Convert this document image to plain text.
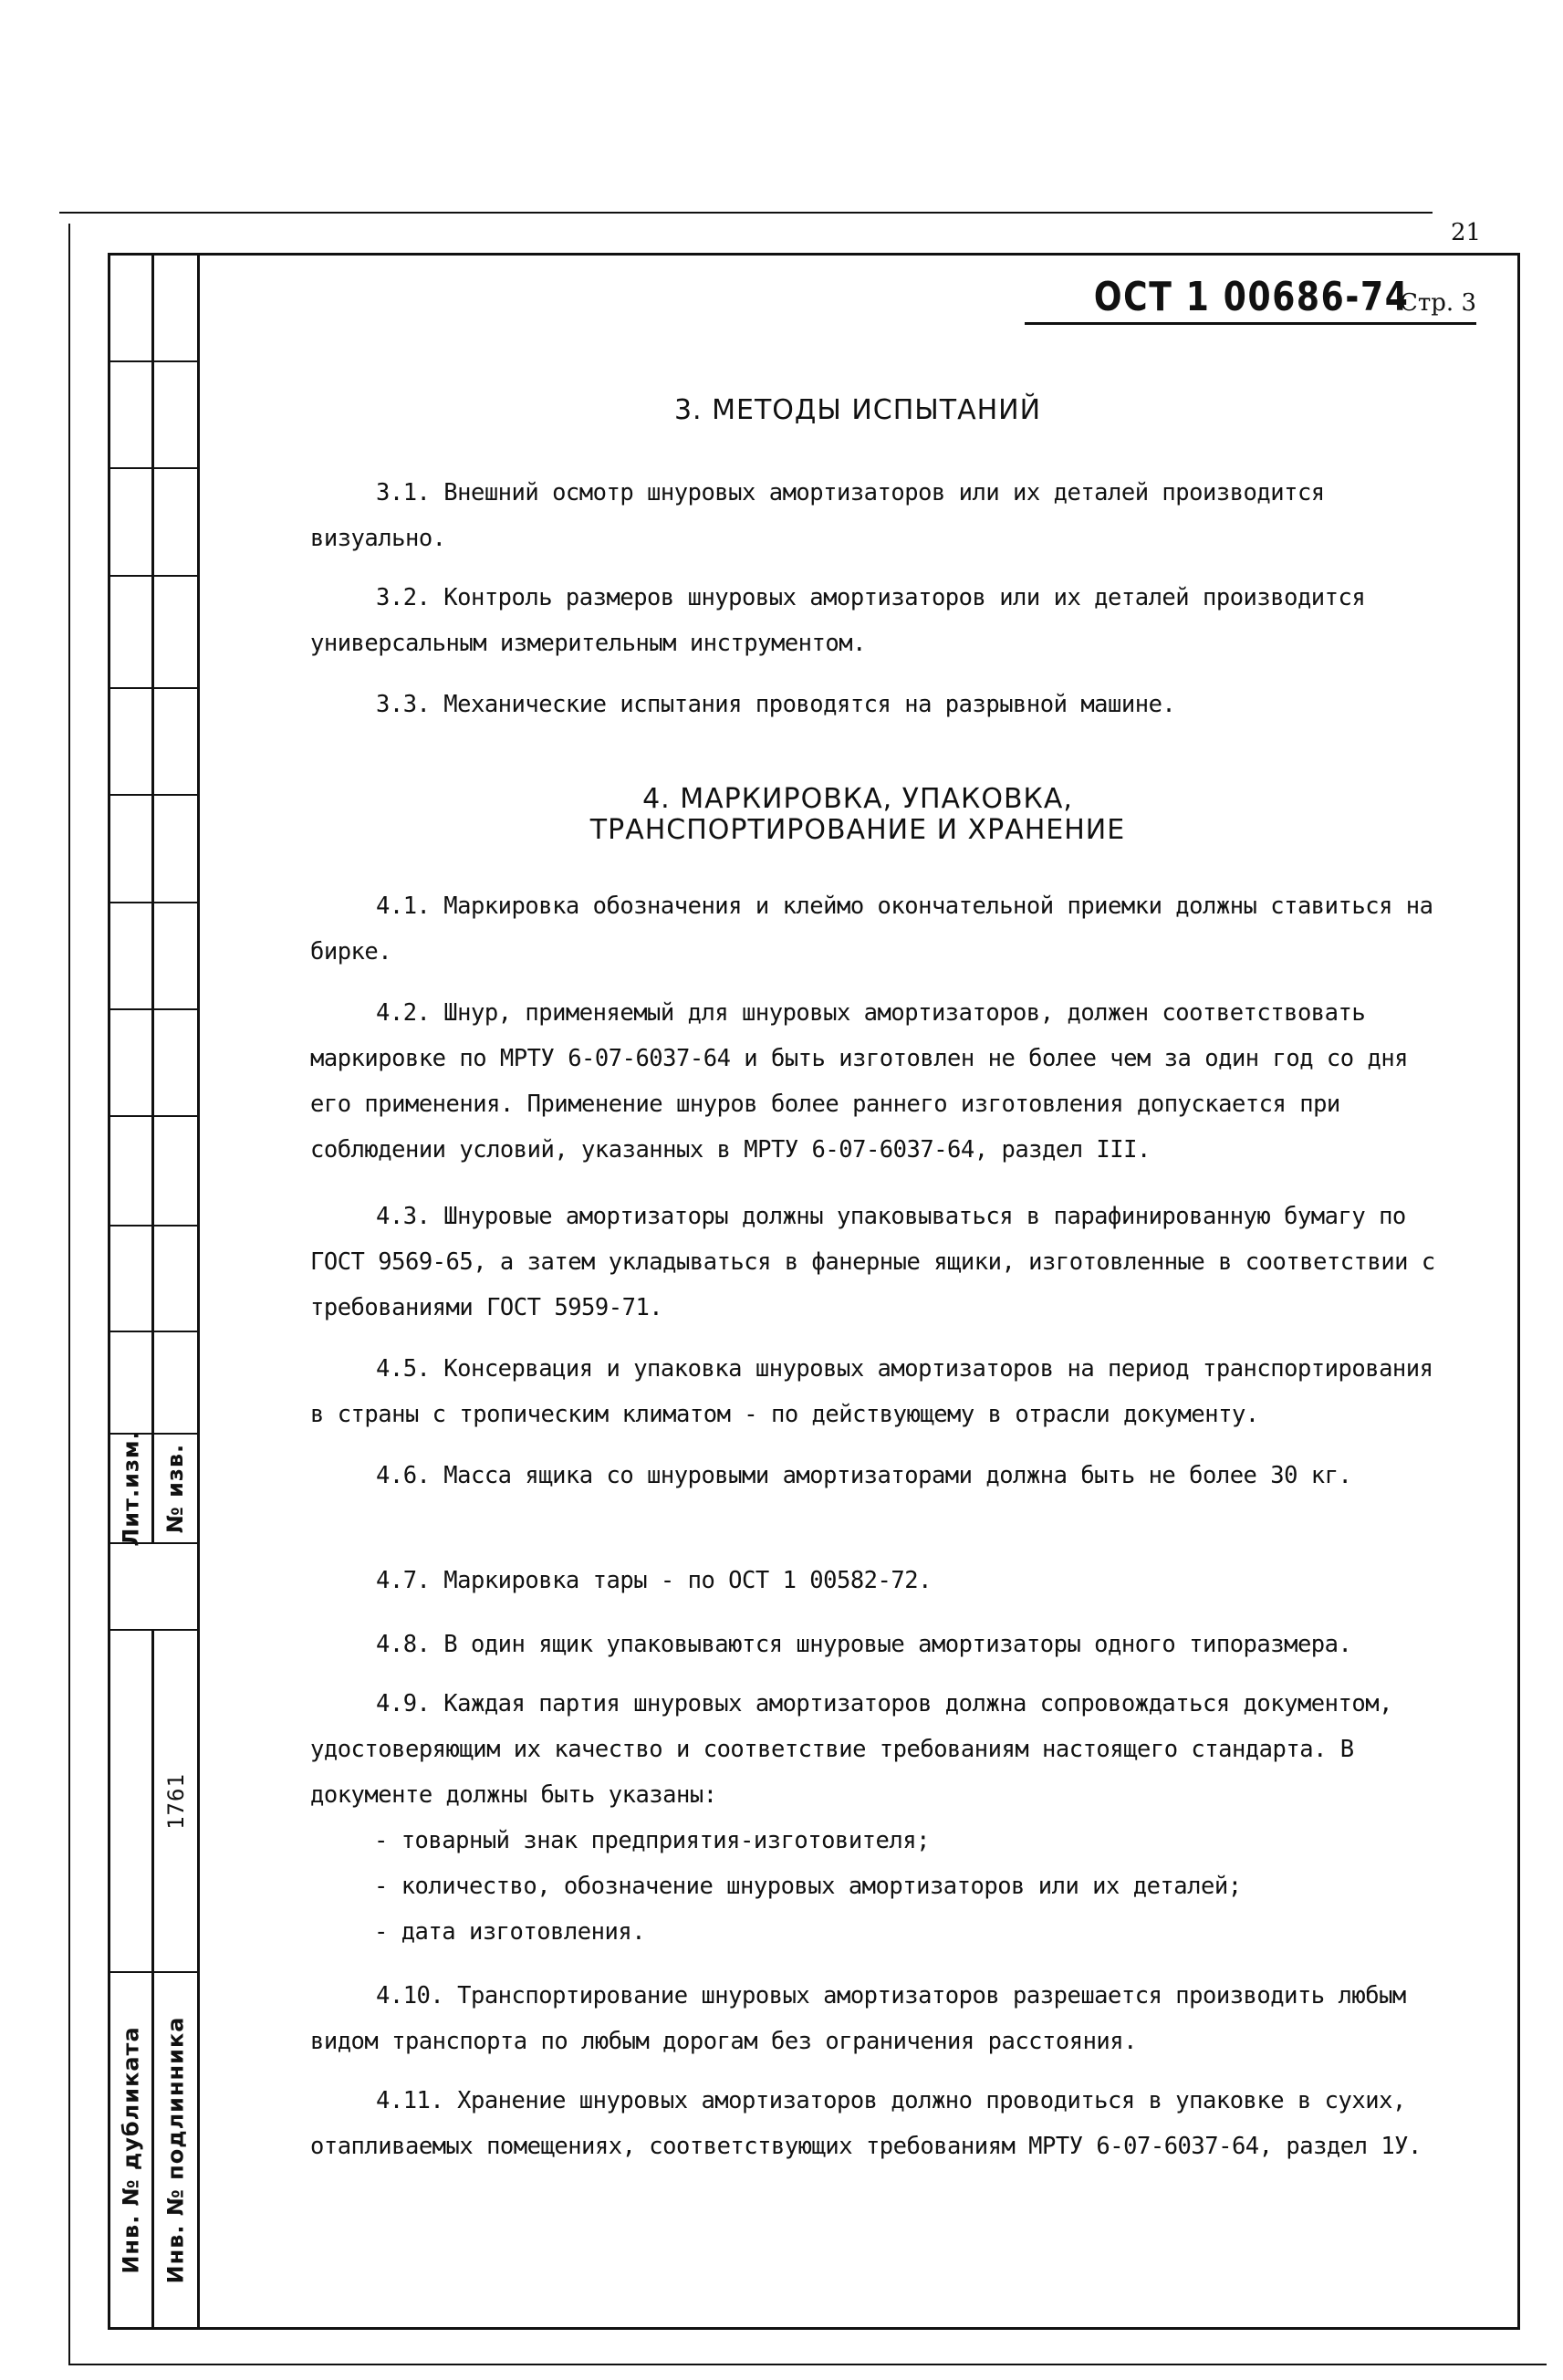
Лит.изм. № изв.
1761
Инв. № дубликата Инв. № подлинника
21
ОСТ 1 00686-74 Стр. 3
3. МЕТОДЫ ИСПЫТАНИЙ
3.1. Внешний осмотр шнуровых амортизаторов или их деталей производится визуально.
3.2. Контроль размеров шнуровых амортизаторов или их деталей производится универсальным измерительным инструментом.
3.3. Механические испытания проводятся на разрывной машине.
4. МАРКИРОВКА, УПАКОВКА,
ТРАНСПОРТИРОВАНИЕ И ХРАНЕНИЕ
4.1. Маркировка обозначения и клеймо окончательной приемки должны ставиться на бирке.
4.2. Шнур, применяемый для шнуровых амортизаторов, должен соответствовать маркировке по МРТУ 6-07-6037-64 и быть изготовлен не более чем за один год со дня его применения. Применение шнуров более раннего изготовления допускается при соблюдении условий, указанных в МРТУ 6-07-6037-64, раздел III.
4.3. Шнуровые амортизаторы должны упаковываться в парафинированную бумагу по ГОСТ 9569-65, а затем укладываться в фанерные ящики, изготовленные в соответствии с требованиями ГОСТ 5959-71.
4.5. Консервация и упаковка шнуровых амортизаторов на период транспортирования в страны с тропическим климатом - по действующему в отрасли документу.
4.6. Масса ящика со шнуровыми амортизаторами должна быть не более 30 кг.
4.7. Маркировка тары - по ОСТ 1 00582-72.
4.8. В один ящик упаковываются шнуровые амортизаторы одного типоразмера.
4.9. Каждая партия шнуровых амортизаторов должна сопровождаться документом, удостоверяющим их качество и соответствие требованиям настоящего стандарта. В документе должны быть указаны:
- товарный знак предприятия-изготовителя;
- количество, обозначение шнуровых амортизаторов или их деталей;
- дата изготовления.
4.10. Транспортирование шнуровых амортизаторов разрешается производить любым видом транспорта по любым дорогам без ограничения расстояния.
4.11. Хранение шнуровых амортизаторов должно проводиться в упаковке в сухих, отапливаемых помещениях, соответствующих требованиям МРТУ 6-07-6037-64, раздел 1У.
